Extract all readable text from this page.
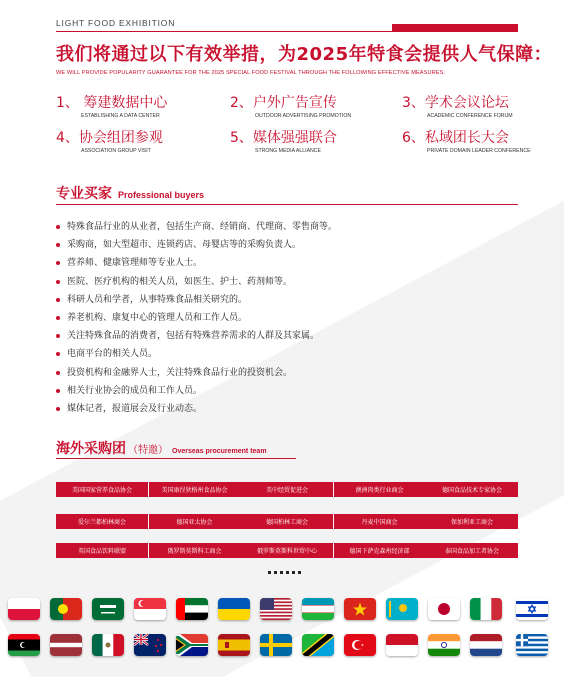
LIGHT FOOD EXHIBITION
我们将通过以下有效举措，为2025年特食会提供人气保障：
WE WILL PROVIDE POPULARITY GUARANTEE FOR THE 2025 SPECIAL FOOD FESTIVAL THROUGH THE FOLLOWING EFFECTIVE MEASURES：
1、 筹建数据中心
ESTABLISHING A DATA CENTER
2、户外广告宣传
OUTDOOR ADVERTISING PROMOTION
3、学术会议论坛
ACADEMIC CONFERENCE FORUM
4、协会组团参观
ASSOCIATION GROUP VISIT
5、媒体强强联合
STRONG MEDIA ALLIANCE
6、私域团长大会
PRIVATE DOMAIN LEADER CONFERENCE
专业买家 Professional buyers
特殊食品行业的从业者，包括生产商、经销商、代理商、零售商等。
采购商，如大型超市、连锁药店、母婴店等的采购负责人。
营养师、健康管理师等专业人士。
医院、医疗机构的相关人员，如医生、护士、药剂师等。
科研人员和学者，从事特殊食品相关研究的。
养老机构、康复中心的管理人员和工作人员。
关注特殊食品的消费者，包括有特殊营养需求的人群及其家属。
电商平台的相关人员。
投资机构和金融界人士，关注特殊食品行业的投资机会。
相关行业协会的成员和工作人员。
媒体记者，报道展会及行业动态。
海外采购团 （特邀） Overseas procurement team
美国国家营养食品协会	美国康涅狄格州食品协会	美中经贸促进会	澳洲肉类行业商会	德国食品技术专家协会
爱尔兰都柏林商会	德国亚太协会	德国柏林工商会	丹麦中国商会	保加利亚工商会
英国食品饮料联盟	俄罗斯莫斯科工商会	俄罗斯莫斯科世贸中心	德国下萨克森州经济部	泰国食品加工者协会
